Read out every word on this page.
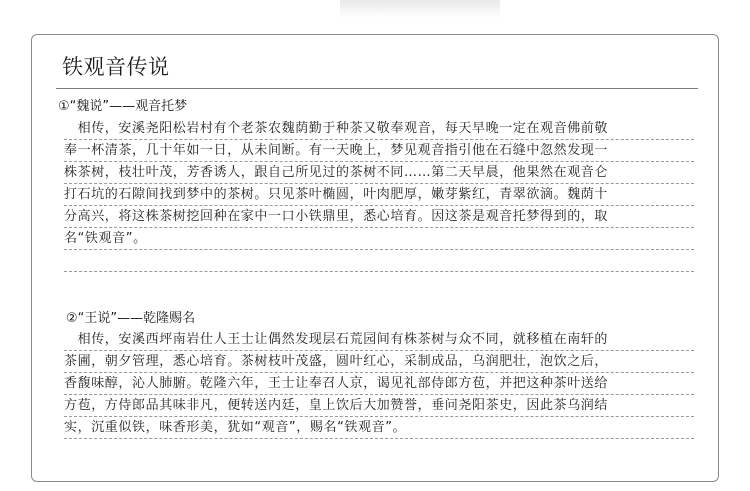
铁观音传说
①“魏说”——观音托梦
　相传，安溪尧阳松岩村有个老茶农魏荫勤于种茶又敬奉观音，每天早晚一定在观音佛前敬
奉一杯清茶，几十年如一日，从未间断。有一天晚上，梦见观音指引他在石缝中忽然发现一
株茶树，枝壮叶茂，芳香诱人，跟自己所见过的茶树不同……第二天早晨，他果然在观音仑
打石坑的石隙间找到梦中的茶树。只见茶叶椭圆，叶肉肥厚，嫩芽紫红，青翠欲滴。魏荫十
分高兴，将这株茶树挖回种在家中一口小铁鼎里，悉心培育。因这茶是观音托梦得到的，取
名“铁观音”。
②“王说”——乾隆赐名
　相传，安溪西坪南岩仕人王士让偶然发现层石荒园间有株茶树与众不同，就移植在南轩的
茶圃，朝夕管理，悉心培育。茶树枝叶茂盛，圆叶红心，采制成品，乌润肥壮，泡饮之后，
香馥味醇，沁人肺腑。乾隆六年，王士让奉召人京，谒见礼部侍郎方苞，并把这种茶叶送给
方苞，方侍郎品其味非凡，便转送内廷，皇上饮后大加赞誉，垂问尧阳茶史，因此茶乌润结
实，沉重似铁，味香形美，犹如“观音”，赐名“铁观音”。
